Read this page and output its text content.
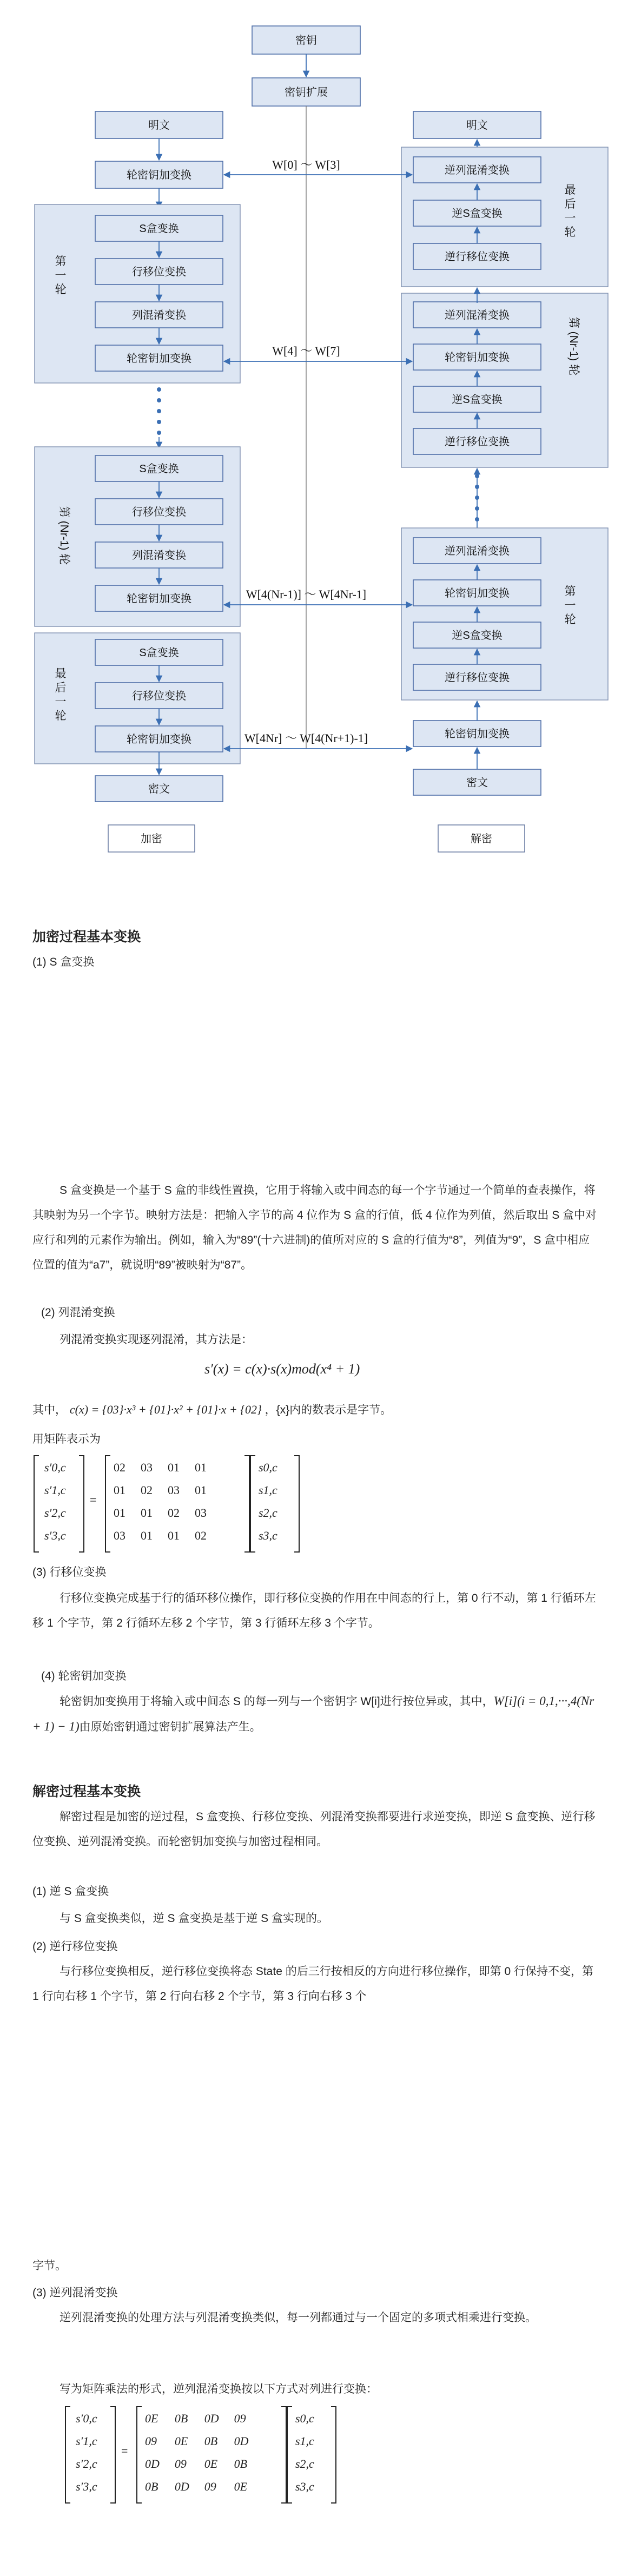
密钥
密钥扩展
明文
轮密钥加变换
第
一
轮
S盒变换
行移位变换
列混淆变换
轮密钥加变换
第 (Nr-1) 轮
S盒变换
行移位变换
列混淆变换
轮密钥加变换
最
后
一
轮
S盒变换
行移位变换
轮密钥加变换
密文
加密
明文
最
后
一
轮
逆列混淆变换
逆S盒变换
逆行移位变换
第 (Nr-1) 轮
逆列混淆变换
轮密钥加变换
逆S盒变换
逆行移位变换
第
一
轮
逆列混淆变换
轮密钥加变换
逆S盒变换
逆行移位变换
轮密钥加变换
密文
解密
W[0] ～ W[3]
W[4] ～ W[7]
W[4(Nr-1)] ～ W[4Nr-1]
W[4Nr] ～ W[4(Nr+1)-1]
加密过程基本变换
(1) S 盒变换
S 盒变换是一个基于 S 盒的非线性置换，它用于将输入或中间态的每一个字节通过一个简单的查表操作，将其映射为另一个字节。映射方法是：把输入字节的高 4 位作为 S 盒的行值，低 4 位作为列值，然后取出 S 盒中对应行和列的元素作为输出。例如，输入为“89”(十六进制)的值所对应的 S 盒的行值为“8”，列值为“9”，S 盒中相应位置的值为“a7”，就说明“89”被映射为“87”。
(2) 列混淆变换
列混淆变换实现逐列混淆，其方法是：
s′(x) = c(x)·s(x)mod(x⁴ + 1)
其中， c(x) = {03}·x³ + {01}·x² + {01}·x + {02} ，{x}内的数表示是字节。
用矩阵表示为
s′0,c
s′1,c
s′2,c
s′3,c
=
02	03	01	01
01	02	03	01
01	01	02	03
03	01	01	02
s0,c
s1,c
s2,c
s3,c
(3) 行移位变换
行移位变换完成基于行的循环移位操作，即行移位变换的作用在中间态的行上，第 0 行不动，第 1 行循环左移 1 个字节，第 2 行循环左移 2 个字节，第 3 行循环左移 3 个字节。
(4) 轮密钥加变换
轮密钥加变换用于将输入或中间态 S 的每一列与一个密钥字 W[i]进行按位异或，其中，W[i](i = 0,1,···,4(Nr + 1) − 1)由原始密钥通过密钥扩展算法产生。
解密过程基本变换
解密过程是加密的逆过程，S 盒变换、行移位变换、列混淆变换都要进行求逆变换，即逆 S 盒变换、逆行移位变换、逆列混淆变换。而轮密钥加变换与加密过程相同。
(1) 逆 S 盒变换
与 S 盒变换类似，逆 S 盒变换是基于逆 S 盒实现的。
(2) 逆行移位变换
与行移位变换相反，逆行移位变换将态 State 的后三行按相反的方向进行移位操作，即第 0 行保持不变，第 1 行向右移 1 个字节，第 2 行向右移 2 个字节，第 3 行向右移 3 个
字节。
(3) 逆列混淆变换
逆列混淆变换的处理方法与列混淆变换类似，每一列都通过与一个固定的多项式相乘进行变换。
写为矩阵乘法的形式，逆列混淆变换按以下方式对列进行变换：
s′0,c
s′1,c
s′2,c
s′3,c
=
0E	0B	0D	09
09	0E	0B	0D
0D	09	0E	0B
0B	0D	09	0E
s0,c
s1,c
s2,c
s3,c
